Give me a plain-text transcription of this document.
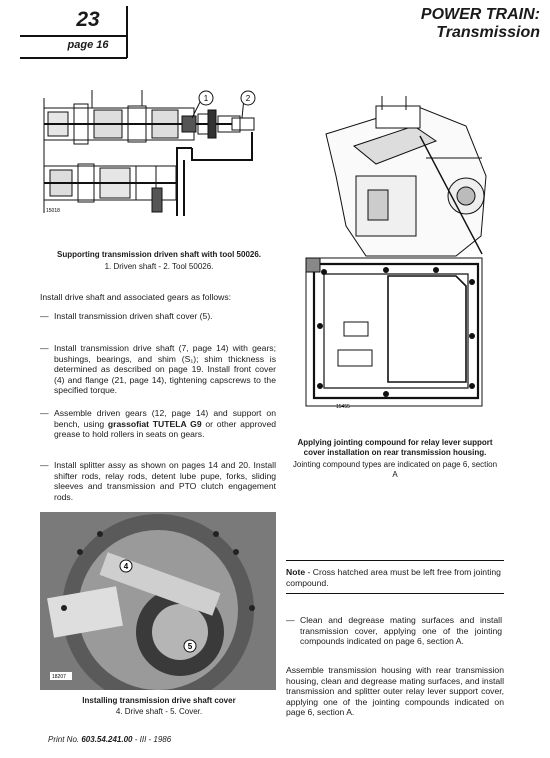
23
page 16
POWER TRAIN:
Transmission
1	2
15018
Supporting transmission driven shaft with tool 50026.
1. Driven shaft - 2. Tool 50026.
Install drive shaft and associated gears as follows:
— Install transmission driven shaft cover (5).
— Install transmission drive shaft (7, page 14) with gears; bushings, bearings, and shim (S₁); shim thickness is determined as described on page 19. Install front cover (4) and flange (21, page 14), tightening capscrews to the specified torque.
— Assemble driven gears (12, page 14) and support on bench, using grassofiat TUTELA G9 or other approved grease to hold rollers in seats on gears.
— Install splitter assy as shown on pages 14 and 20. Install shifter rods, relay rods, detent lube pupe, forks, sliding sleeves and transmission and PTO clutch engagement rods.
15455
Applying jointing compound for relay lever support cover installation on rear transmission housing.
Jointing compound types are indicated on page 6, section A
4
5
18207
Installing transmission drive shaft cover
4. Drive shaft - 5. Cover.
Note - Cross hatched area must be left free from jointing compound.
— Clean and degrease mating surfaces and install transmission cover, applying one of the jointing compounds indicated on page 6, section A.
Assemble transmission housing with rear transmission housing, clean and degrease mating surfaces, and install transmission and splitter outer relay lever support cover, applying one of the jointing compounds indicated on page 6, section A.
Print No. 603.54.241.00 - III - 1986
